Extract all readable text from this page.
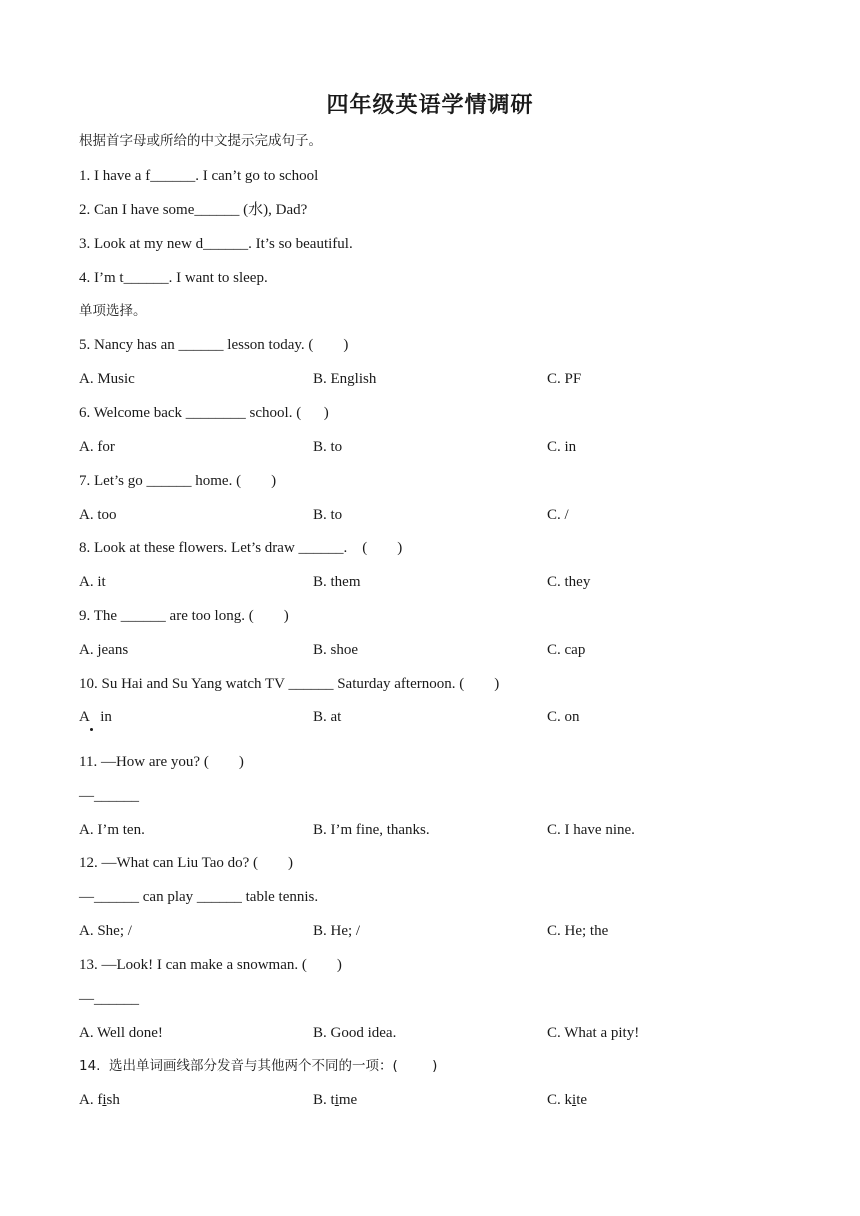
四年级英语学情调研
根据首字母或所给的中文提示完成句子。
1. I have a f______. I can’t go to school
2. Can I have some______ (水), Dad?
3. Look at my new d______. It’s so beautiful.
4. I’m t______. I want to sleep.
单项选择。
5. Nancy has an ______ lesson today. (        )
A. Music	B. English	C. PF
6. Welcome back ________ school. (      )
A. for	B. to	C. in
7. Let’s go ______ home. (        )
A. too	B. to	C. /
8. Look at these flowers. Let’s draw ______.    (        )
A. it	B. them	C. they
9. The ______ are too long. (        )
A. jeans	B. shoe	C. cap
10. Su Hai and Su Yang watch TV ______ Saturday afternoon. (        )
A   in	B. at	C. on
11. —How are you? (        )
—______
A. I’m ten.	B. I’m fine, thanks.	C. I have nine.
12. —What can Liu Tao do? (        )
—______ can play ______ table tennis.
A. She; /	B. He; /	C. He; the
13. —Look! I can make a snowman. (        )
—______
A. Well done!	B. Good idea.	C. What a pity!
14.  选出单词画线部分发音与其他两个不同的一项：(        )
A. fish	B. time	C. kite
